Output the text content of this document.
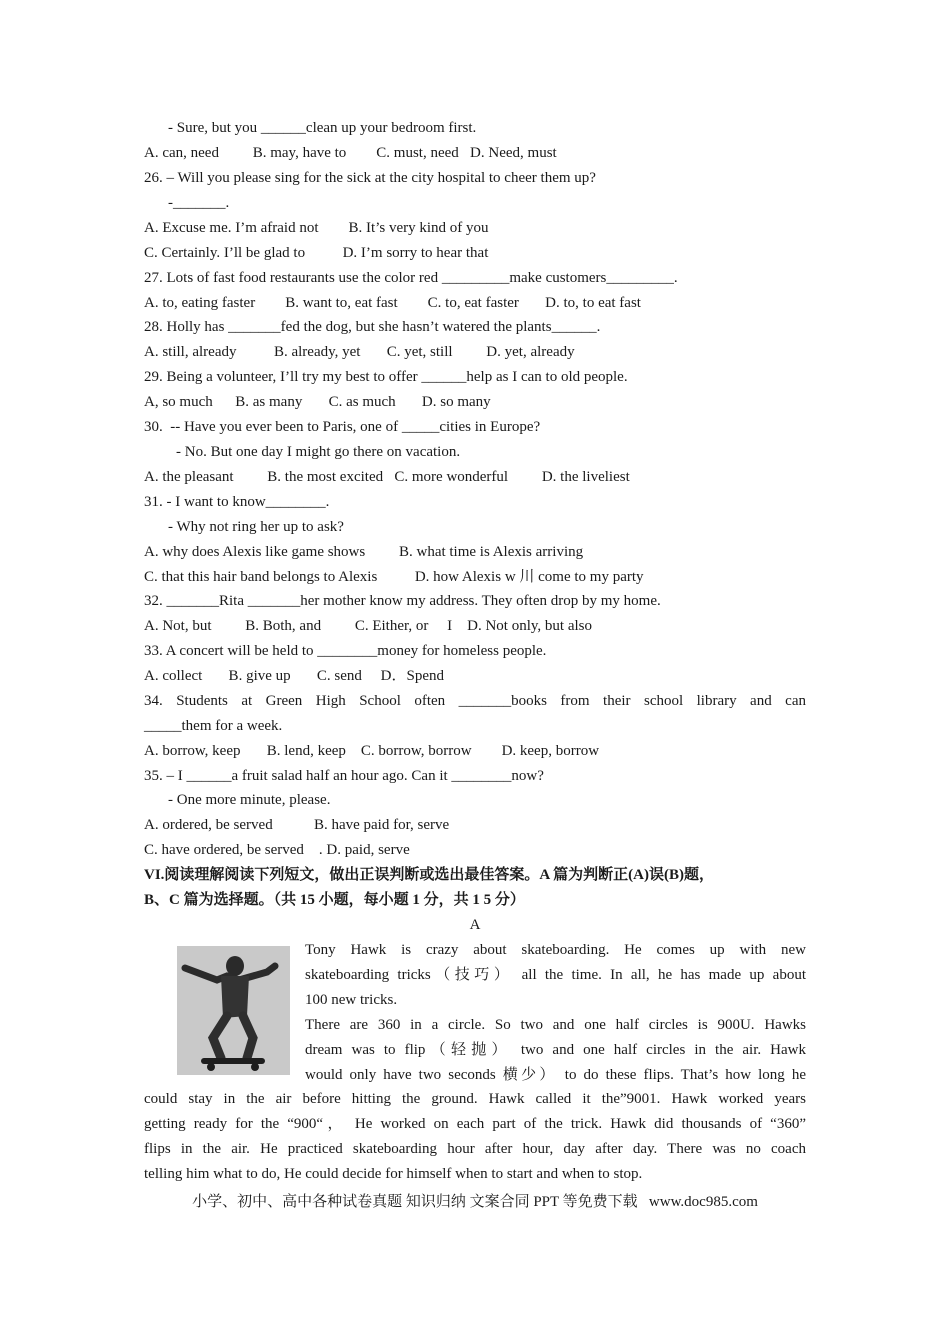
- Sure, but you ______clean up your bedroom first.
A. can, need         B. may, have to        C. must, need   D. Need, must
26. – Will you please sing for the sick at the city hospital to cheer them up?
-_______.
A. Excuse me. I’m afraid not        B. It’s very kind of you
C. Certainly. I’ll be glad to          D. I’m sorry to hear that
27. Lots of fast food restaurants use the color red _________make customers_________.
A. to, eating faster        B. want to, eat fast        C. to, eat faster       D. to, to eat fast
28. Holly has _______fed the dog, but she hasn’t watered the plants______.
A. still, already          B. already, yet       C. yet, still         D. yet, already
29. Being a volunteer, I’ll try my best to offer ______help as I can to old people.
A, so much      B. as many       C. as much       D. so many
30.  -- Have you ever been to Paris, one of _____cities in Europe?
- No. But one day I might go there on vacation.
A. the pleasant         B. the most excited   C. more wonderful         D. the liveliest
31. - I want to know________.
- Why not ring her up to ask?
A. why does Alexis like game shows         B. what time is Alexis arriving
C. that this hair band belongs to Alexis          D. how Alexis w 川 come to my party
32. _______Rita _______her mother know my address. They often drop by my home.
A. Not, but         B. Both, and         C. Either, or     I    D. Not only, but also
33. A concert will be held to ________money for homeless people.
A. collect       B. give up       C. send     D．Spend
34. Students at Green High School often _______books from their school library and can
_____them for a week.
A. borrow, keep       B. lend, keep    C. borrow, borrow        D. keep, borrow
35. – I ______a fruit salad half an hour ago. Can it ________now?
- One more minute, please.
A. ordered, be served           B. have paid for, serve
C. have ordered, be served    . D. paid, serve
VI.阅读理解阅读下列短文，做出正误判断或选出最佳答案。A 篇为判断正(A)误(B)题，
B、C 篇为选择题。（共 15 小题，每小题 1 分，共 1 5 分）
A
Tony Hawk is crazy about skateboarding. He comes up with new
skateboarding tricks（技巧） all the time. In all, he has made up about
100 new tricks.
There are 360 in a circle. So two and one half circles is 900U. Hawks
dream was to flip（轻抛） two and one half circles in the air. Hawk
would only have two seconds 横少） to do these flips. That’s how long he
could stay in the air before hitting the ground. Hawk called it the”9001. Hawk worked years
getting ready for the “900“， He worked on each part of the trick. Hawk did thousands of “360”
flips in the air. He practiced skateboarding hour after hour, day after day. There was no coach
telling him what to do, He could decide for himself when to start and when to stop.
小学、初中、高中各种试卷真题 知识归纳 文案合同 PPT 等免费下载   www.doc985.com
